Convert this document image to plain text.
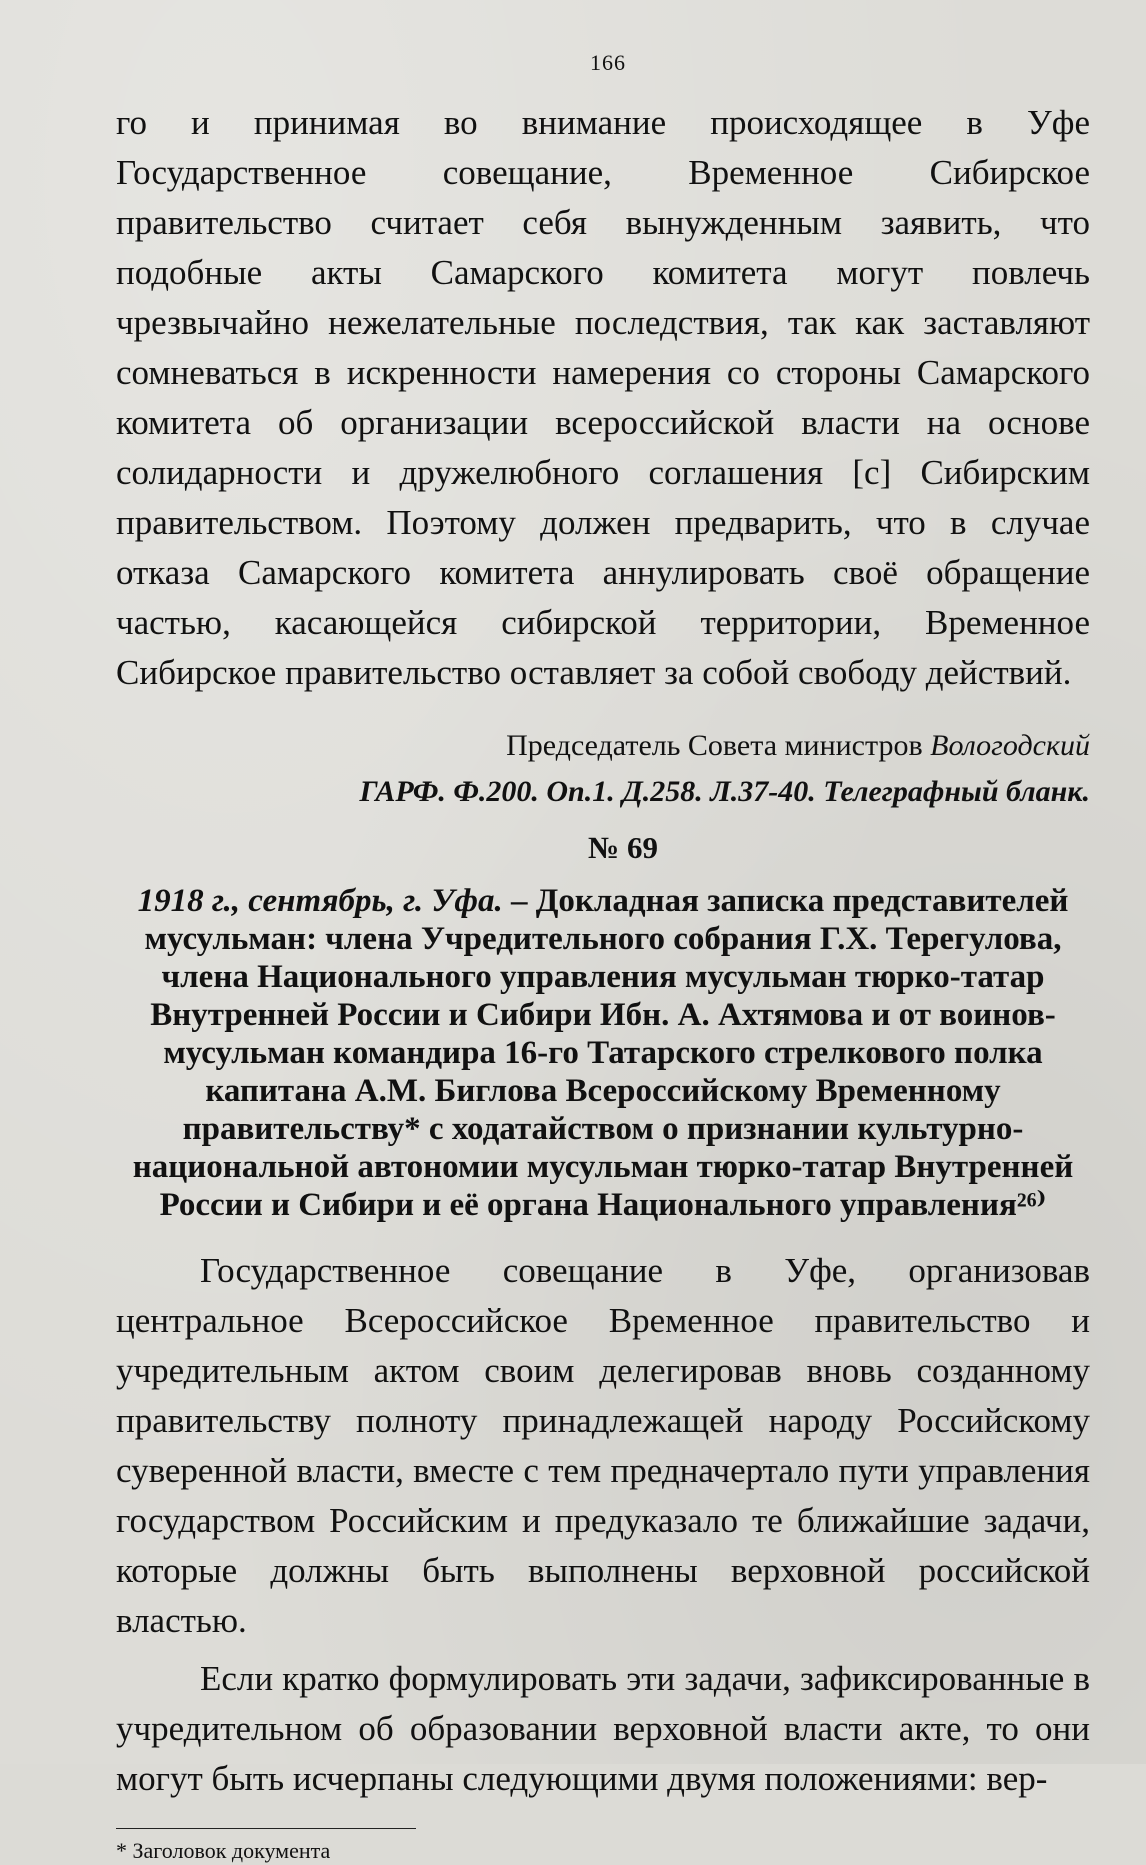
166

го и принимая во внимание происходящее в Уфе Государственное совещание, Временное Сибирское правительство считает себя вынужденным заявить, что подобные акты Самарского комитета могут повлечь чрезвычайно нежелательные последствия, так как заставляют сомневаться в искренности намерения со стороны Самарского комитета об организации всероссийской власти на основе солидарности и дружелюбного соглашения [с] Сибирским правительством. Поэтому должен предварить, что в случае отказа Самарского комитета аннулировать своё обращение частью, касающейся сибирской территории, Временное Сибирское правительство оставляет за собой свободу действий.

Председатель Совета министров Вологодский
ГАРФ. Ф.200. Оп.1. Д.258. Л.37-40. Телеграфный бланк.
№ 69
1918 г., сентябрь, г. Уфа. – Докладная записка представителей мусульман: члена Учредительного собрания Г.Х. Терегулова, члена Национального управления мусульман тюрко-татар Внутренней России и Сибири Ибн. А. Ахтямова и от воинов-мусульман командира 16-го Татарского стрелкового полка капитана А.М. Биглова Всероссийскому Временному правительству* с ходатайством о признании культурно-национальной автономии мусульман тюрко-татар Внутренней России и Сибири и её органа Национального управления²⁶⁾

Государственное совещание в Уфе, организовав центральное Всероссийское Временное правительство и учредительным актом своим делегировав вновь созданному правительству полноту принадлежащей народу Российскому суверенной власти, вместе с тем предначертало пути управления государством Российским и предуказало те ближайшие задачи, которые должны быть выполнены верховной российской властью.

Если кратко формулировать эти задачи, зафиксированные в учредительном об образовании верховной власти акте, то они могут быть исчерпаны следующими двумя положениями: вер-

* Заголовок документа
